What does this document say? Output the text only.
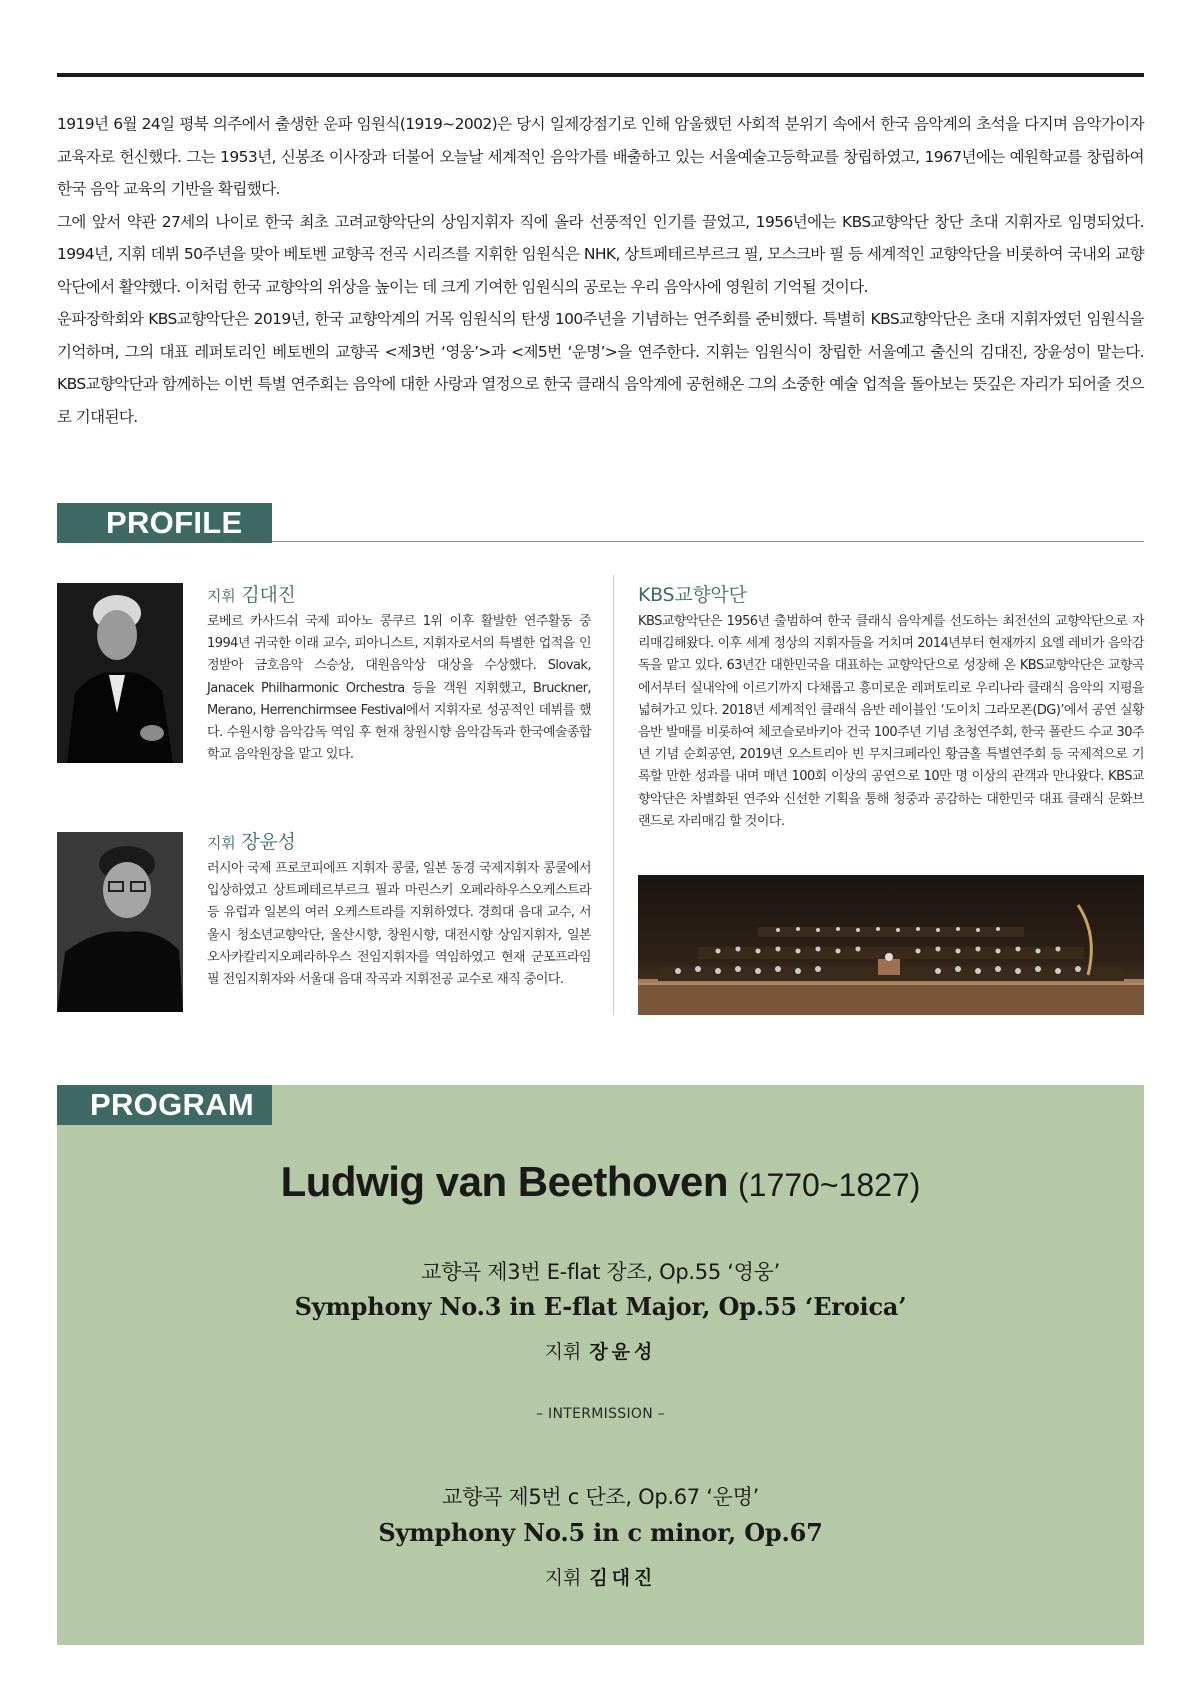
1919년 6월 24일 평북 의주에서 출생한 운파 임원식(1919~2002)은 당시 일제강점기로 인해 암울했던 사회적 분위기 속에서 한국 음악계의 초석을 다지며 음악가이자 교육자로 헌신했다. 그는 1953년, 신봉조 이사장과 더불어 오늘날 세계적인 음악가를 배출하고 있는 서울예술고등학교를 창립하였고, 1967년에는 예원학교를 창립하여 한국 음악 교육의 기반을 확립했다.

그에 앞서 약관 27세의 나이로 한국 최초 고려교향악단의 상임지휘자 직에 올라 선풍적인 인기를 끌었고, 1956년에는 KBS교향악단 창단 초대 지휘자로 임명되었다. 1994년, 지휘 데뷔 50주년을 맞아 베토벤 교향곡 전곡 시리즈를 지휘한 임원식은 NHK, 상트페테르부르크 필, 모스크바 필 등 세계적인 교향악단을 비롯하여 국내외 교향악단에서 활약했다. 이처럼 한국 교향악의 위상을 높이는 데 크게 기여한 임원식의 공로는 우리 음악사에 영원히 기억될 것이다.

운파장학회와 KBS교향악단은 2019년, 한국 교향악계의 거목 임원식의 탄생 100주년을 기념하는 연주회를 준비했다. 특별히 KBS교향악단은 초대 지휘자였던 임원식을 기억하며, 그의 대표 레퍼토리인 베토벤의 교향곡 <제3번 ‘영웅’>과 <제5번 ‘운명’>을 연주한다. 지휘는 임원식이 창립한 서울예고 출신의 김대진, 장윤성이 맡는다. KBS교향악단과 함께하는 이번 특별 연주회는 음악에 대한 사랑과 열정으로 한국 클래식 음악계에 공헌해온 그의 소중한 예술 업적을 돌아보는 뜻깊은 자리가 되어줄 것으로 기대된다.

PROFILE
지휘 김대진
로베르 카사드쉬 국제 피아노 콩쿠르 1위 이후 활발한 연주활동 중 1994년 귀국한 이래 교수, 피아니스트, 지휘자로서의 특별한 업적을 인정받아 금호음악 스승상, 대원음악상 대상을 수상했다. Slovak, Janacek Philharmonic Orchestra 등을 객원 지휘했고, Bruckner, Merano, Herrenchirmsee Festival에서 지휘자로 성공적인 데뷔를 했다. 수원시향 음악감독 역임 후 현재 창원시향 음악감독과 한국예술종합학교 음악원장을 맡고 있다.
지휘 장윤성
러시아 국제 프로코피에프 지휘자 콩쿨, 일본 동경 국제지휘자 콩쿨에서 입상하였고 상트페테르부르크 필과 마린스키 오페라하우스오케스트라 등 유럽과 일본의 여러 오케스트라를 지휘하였다. 경희대 음대 교수, 서울시 청소년교향악단, 울산시향, 창원시향, 대전시향 상임지휘자, 일본 오사카칼리지오페라하우스 전임지휘자를 역임하였고 현재 군포프라임필 전임지휘자와 서울대 음대 작곡과 지휘전공 교수로 재직 중이다.
KBS교향악단
KBS교향악단은 1956년 출범하여 한국 클래식 음악계를 선도하는 최전선의 교향악단으로 자리매김해왔다. 이후 세계 정상의 지휘자들을 거치며 2014년부터 현재까지 요엘 레비가 음악감독을 맡고 있다. 63년간 대한민국을 대표하는 교향악단으로 성장해 온 KBS교향악단은 교향곡에서부터 실내악에 이르기까지 다채롭고 흥미로운 레퍼토리로 우리나라 클래식 음악의 지평을 넓혀가고 있다. 2018년 세계적인 클래식 음반 레이블인 ‘도이치 그라모폰(DG)’에서 공연 실황 음반 발매를 비롯하여 체코슬로바키아 건국 100주년 기념 초청연주회, 한국 폴란드 수교 30주년 기념 순회공연, 2019년 오스트리아 빈 무지크페라인 황금홀 특별연주회 등 국제적으로 기록할 만한 성과를 내며 매년 100회 이상의 공연으로 10만 명 이상의 관객과 만나왔다. KBS교향악단은 차별화된 연주와 신선한 기획을 통해 청중과 공감하는 대한민국 대표 클래식 문화브랜드로 자리매김 할 것이다.
PROGRAM
Ludwig van Beethoven (1770~1827)
교향곡 제3번 E-flat 장조, Op.55 ‘영웅’
Symphony No.3 in E-flat Major, Op.55 ‘Eroica’
지휘 장윤성
– INTERMISSION –
교향곡 제5번 c 단조, Op.67 ‘운명’
Symphony No.5 in c minor, Op.67
지휘 김대진
